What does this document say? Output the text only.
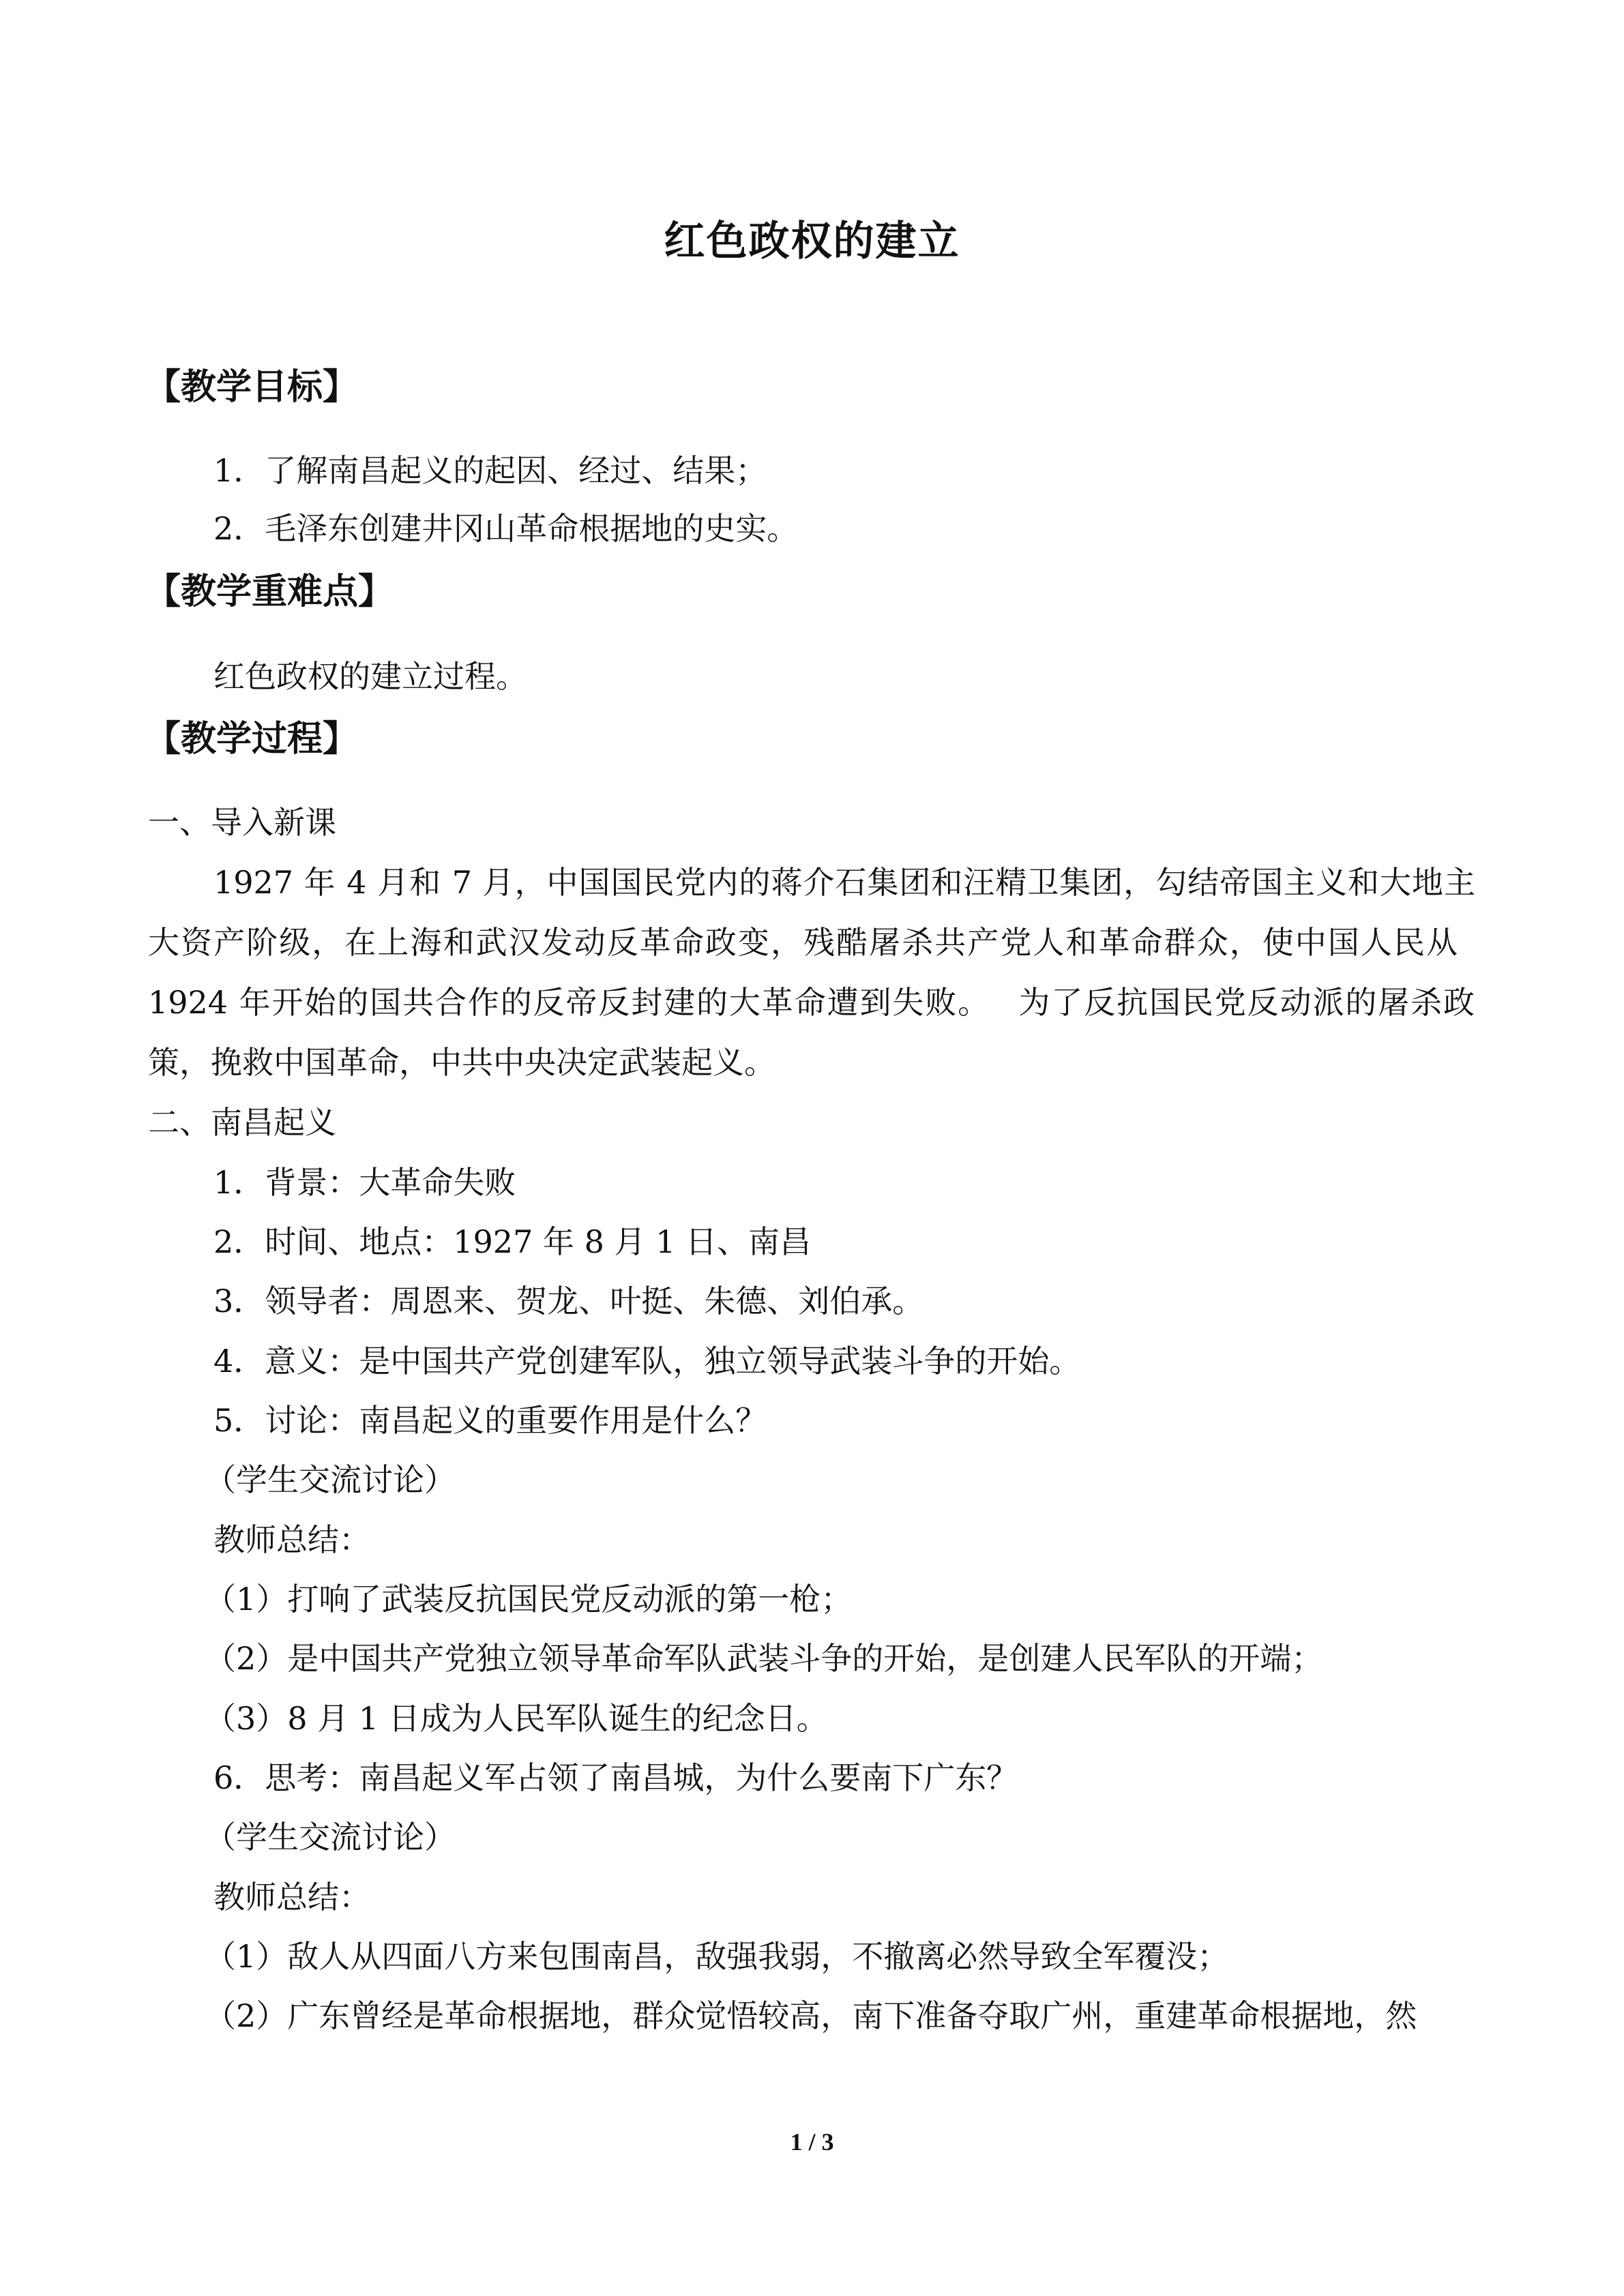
红色政权的建立
【教学目标】
1．了解南昌起义的起因、经过、结果；
2．毛泽东创建井冈山革命根据地的史实。
【教学重难点】
红色政权的建立过程。
【教学过程】
一、导入新课
1927 年 4 月和 7 月，中国国民党内的蒋介石集团和汪精卫集团，勾结帝国主义和大地主
大资产阶级，在上海和武汉发动反革命政变，残酷屠杀共产党人和革命群众，使中国人民从
1924 年开始的国共合作的反帝反封建的大革命遭到失败。　 为了反抗国民党反动派的屠杀政
策，挽救中国革命，中共中央决定武装起义。
二、南昌起义
1．背景：大革命失败
2．时间、地点：1927 年 8 月 1 日、南昌
3．领导者：周恩来、贺龙、叶挺、朱德、刘伯承。
4．意义：是中国共产党创建军队，独立领导武装斗争的开始。
5．讨论：南昌起义的重要作用是什么？
（学生交流讨论）
教师总结：
（1）打响了武装反抗国民党反动派的第一枪；
（2）是中国共产党独立领导革命军队武装斗争的开始，是创建人民军队的开端；
（3）8 月 1 日成为人民军队诞生的纪念日。
6．思考：南昌起义军占领了南昌城，为什么要南下广东？
（学生交流讨论）
教师总结：
（1）敌人从四面八方来包围南昌，敌强我弱，不撤离必然导致全军覆没；
（2）广东曾经是革命根据地，群众觉悟较高，南下准备夺取广州，重建革命根据地，然
1 / 3
